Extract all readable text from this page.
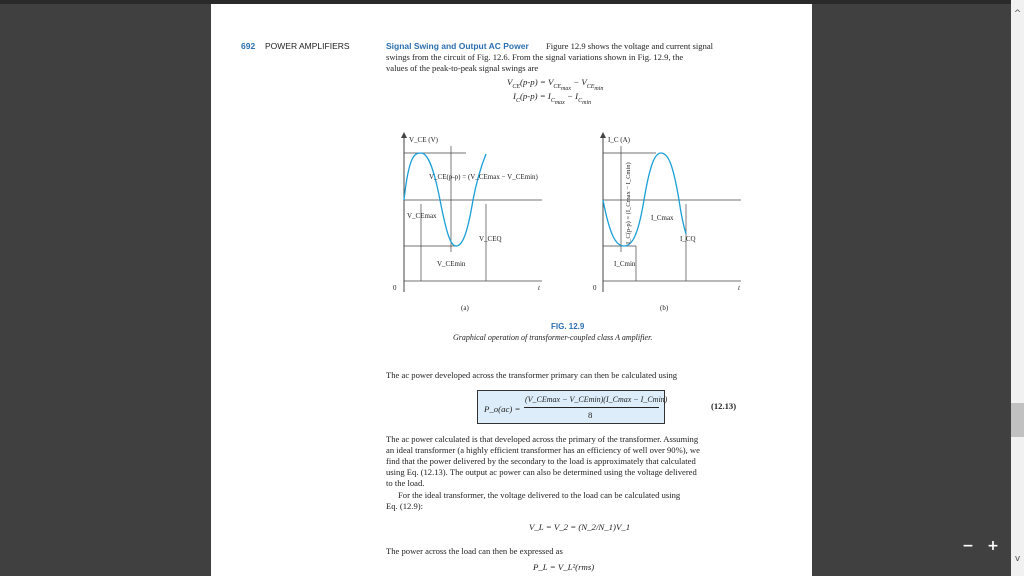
692 POWER AMPLIFIERS	Signal Swing and Output AC Power Figure 12.9 shows the voltage and current signal
swings from the circuit of Fig. 12.6. From the signal variations shown in Fig. 12.9, the
values of the peak-to-peak signal swings are
$V_{CE}(p-p) = V_{CE_{max}} - V_{CE_{min}}$
$I_C(p-p) = I_{C_{max}} - I_{C_{min}}$
V_CE (V)
V_CE(p-p) = (V_CEmax − V_CEmin)
V_CEmax
V_CEQ
V_CEmin
0	t
(a)
I_C (A)
I_C(p-p) = (I_Cmax − I_Cmin)	I_Cmax
I_CQ
I_Cmin
0	t
(b)
FIG. 12.9
Graphical operation of transformer-coupled class A amplifier.
The ac power developed across the transformer primary can then be calculated using
P_o(ac) =
(V_CEmax − V_CEmin)(I_Cmax − I_Cmin)
8
(12.13)
The ac power calculated is that developed across the primary of the transformer. Assuming
an ideal transformer (a highly efficient transformer has an efficiency of well over 90%), we
find that the power delivered by the secondary to the load is approximately that calculated
using Eq. (12.13). The output ac power can also be determined using the voltage delivered
to the load.
For the ideal transformer, the voltage delivered to the load can be calculated using
Eq. (12.9):
V_L = V_2 = (N_2/N_1)V_1
The power across the load can then be expressed as
P_L = V_L²(rms)
^
v
− +
